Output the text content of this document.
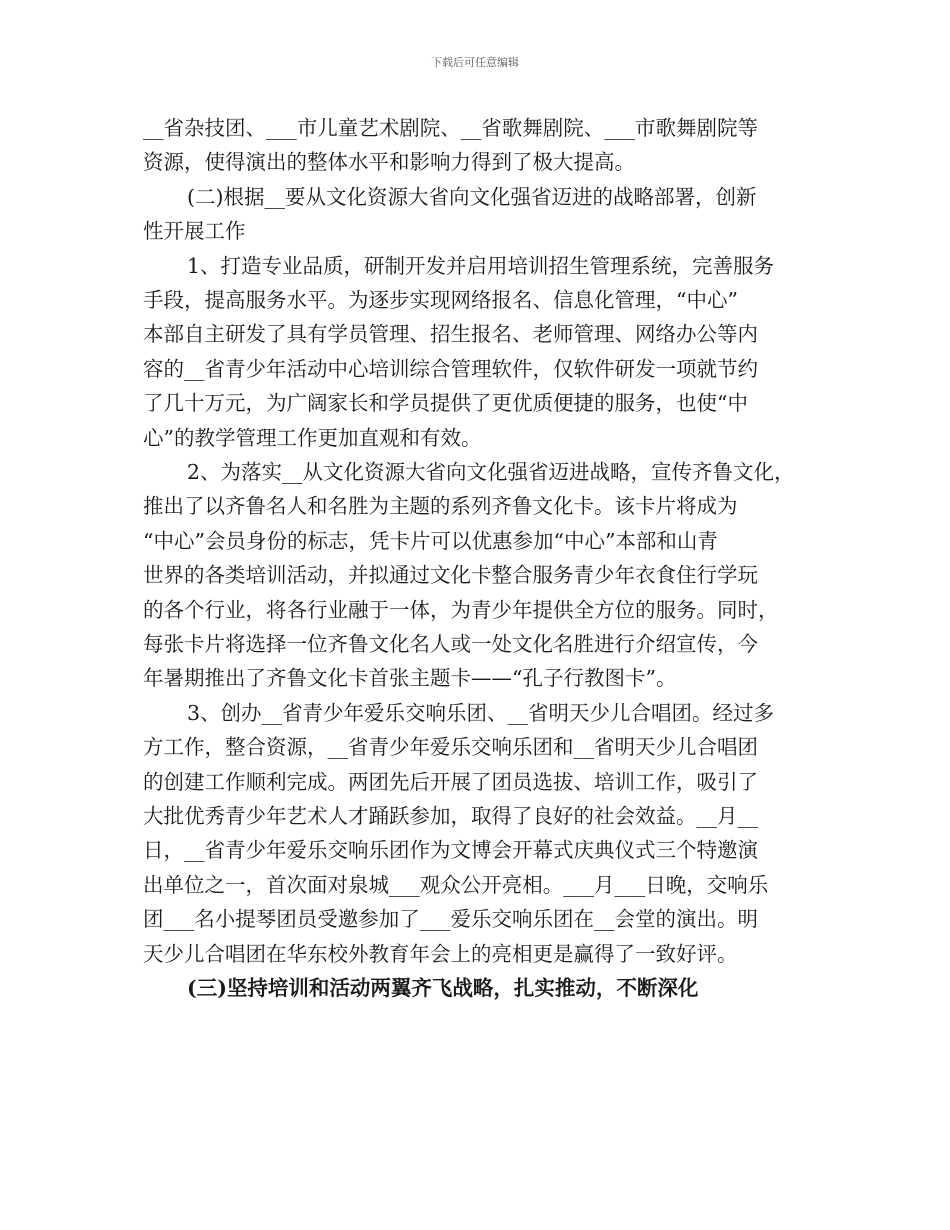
下载后可任意编辑
__省杂技团、___市儿童艺术剧院、__省歌舞剧院、___市歌舞剧院等
资源，使得演出的整体水平和影响力得到了极大提高。
(二)根据__要从文化资源大省向文化强省迈进的战略部署，创新
性开展工作
1、打造专业品质，研制开发并启用培训招生管理系统，完善服务
手段，提高服务水平。为逐步实现网络报名、信息化管理，“中心”
本部自主研发了具有学员管理、招生报名、老师管理、网络办公等内
容的__省青少年活动中心培训综合管理软件，仅软件研发一项就节约
了几十万元，为广阔家长和学员提供了更优质便捷的服务，也使“中
心”的教学管理工作更加直观和有效。
2、为落实__从文化资源大省向文化强省迈进战略，宣传齐鲁文化，
推出了以齐鲁名人和名胜为主题的系列齐鲁文化卡。该卡片将成为
“中心”会员身份的标志，凭卡片可以优惠参加“中心”本部和山青
世界的各类培训活动，并拟通过文化卡整合服务青少年衣食住行学玩
的各个行业，将各行业融于一体，为青少年提供全方位的服务。同时，
每张卡片将选择一位齐鲁文化名人或一处文化名胜进行介绍宣传，今
年暑期推出了齐鲁文化卡首张主题卡——“孔子行教图卡”。
3、创办__省青少年爱乐交响乐团、__省明天少儿合唱团。经过多
方工作，整合资源，__省青少年爱乐交响乐团和__省明天少儿合唱团
的创建工作顺利完成。两团先后开展了团员选拔、培训工作，吸引了
大批优秀青少年艺术人才踊跃参加，取得了良好的社会效益。__月__
日，__省青少年爱乐交响乐团作为文博会开幕式庆典仪式三个特邀演
出单位之一，首次面对泉城___观众公开亮相。___月___日晚，交响乐
团___名小提琴团员受邀参加了___爱乐交响乐团在__会堂的演出。明
天少儿合唱团在华东校外教育年会上的亮相更是赢得了一致好评。
(三)坚持培训和活动两翼齐飞战略，扎实推动，不断深化
